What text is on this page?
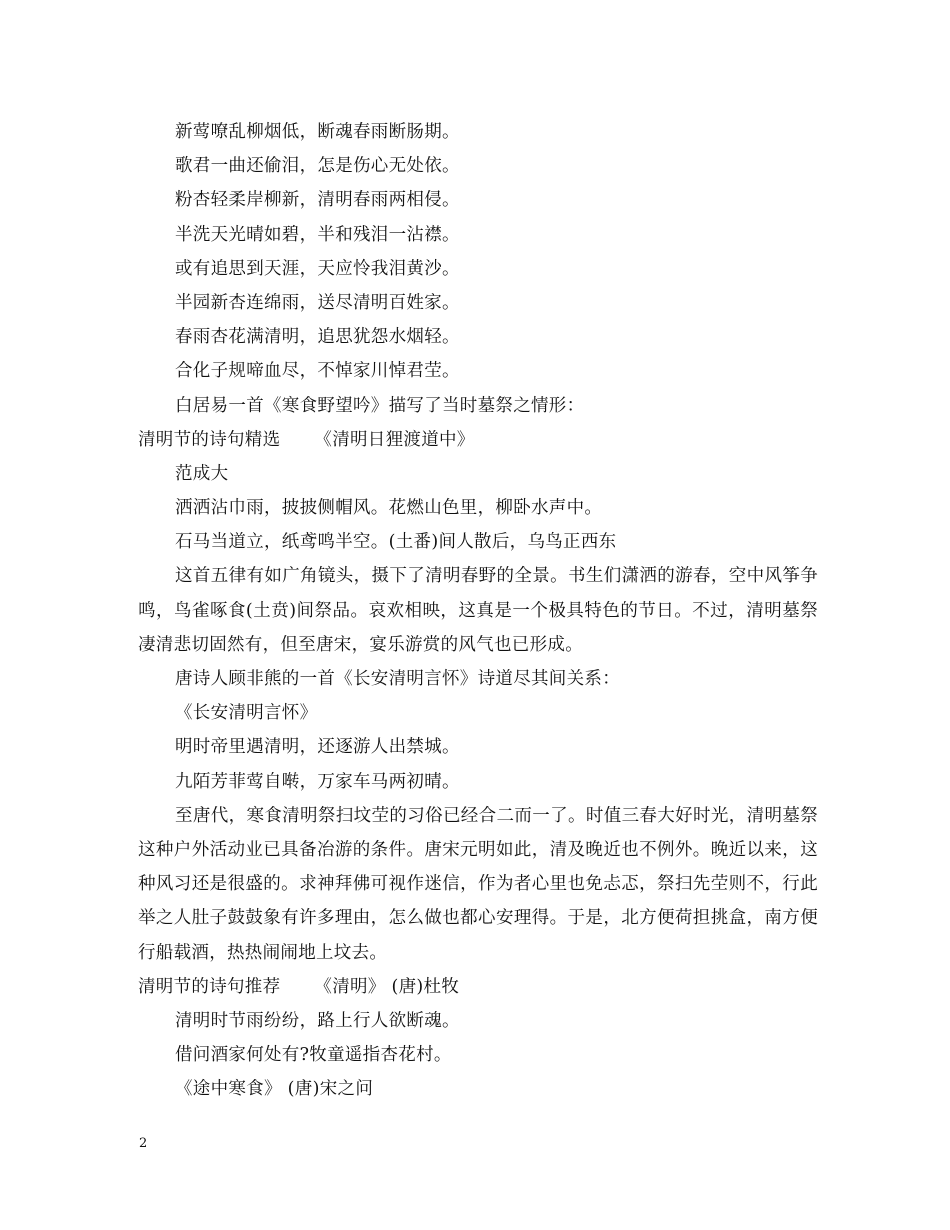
新莺嘹乱柳烟低，断魂春雨断肠期。
歌君一曲还偷泪，怎是伤心无处依。
粉杏轻柔岸柳新，清明春雨两相侵。
半洗天光晴如碧，半和残泪一沾襟。
或有追思到天涯，天应怜我泪黄沙。
半园新杏连绵雨，送尽清明百姓家。
春雨杏花满清明，追思犹怨水烟轻。
合化子规啼血尽，不悼家川悼君茔。
白居易一首《寒食野望吟》描写了当时墓祭之情形：
清明节的诗句精选 《清明日狸渡道中》
范成大
洒洒沾巾雨，披披侧帽风。花燃山色里，柳卧水声中。
石马当道立，纸鸢鸣半空。(土番)间人散后，乌鸟正西东
这首五律有如广角镜头，摄下了清明春野的全景。书生们潇洒的游春，空中风筝争鸣，鸟雀啄食(土贲)间祭品。哀欢相映，这真是一个极具特色的节日。不过，清明墓祭凄清悲切固然有，但至唐宋，宴乐游赏的风气也已形成。
唐诗人顾非熊的一首《长安清明言怀》诗道尽其间关系：
《长安清明言怀》
明时帝里遇清明，还逐游人出禁城。
九陌芳菲莺自啭，万家车马两初晴。
至唐代，寒食清明祭扫坟茔的习俗已经合二而一了。时值三春大好时光，清明墓祭这种户外活动业已具备冶游的条件。唐宋元明如此，清及晚近也不例外。晚近以来，这种风习还是很盛的。求神拜佛可视作迷信，作为者心里也免忐忑，祭扫先茔则不，行此举之人肚子鼓鼓象有许多理由，怎么做也都心安理得。于是，北方便荷担挑盒，南方便行船载酒，热热闹闹地上坟去。
清明节的诗句推荐 《清明》 (唐)杜牧
清明时节雨纷纷，路上行人欲断魂。
借问酒家何处有?牧童遥指杏花村。
《途中寒食》 (唐)宋之问
2
